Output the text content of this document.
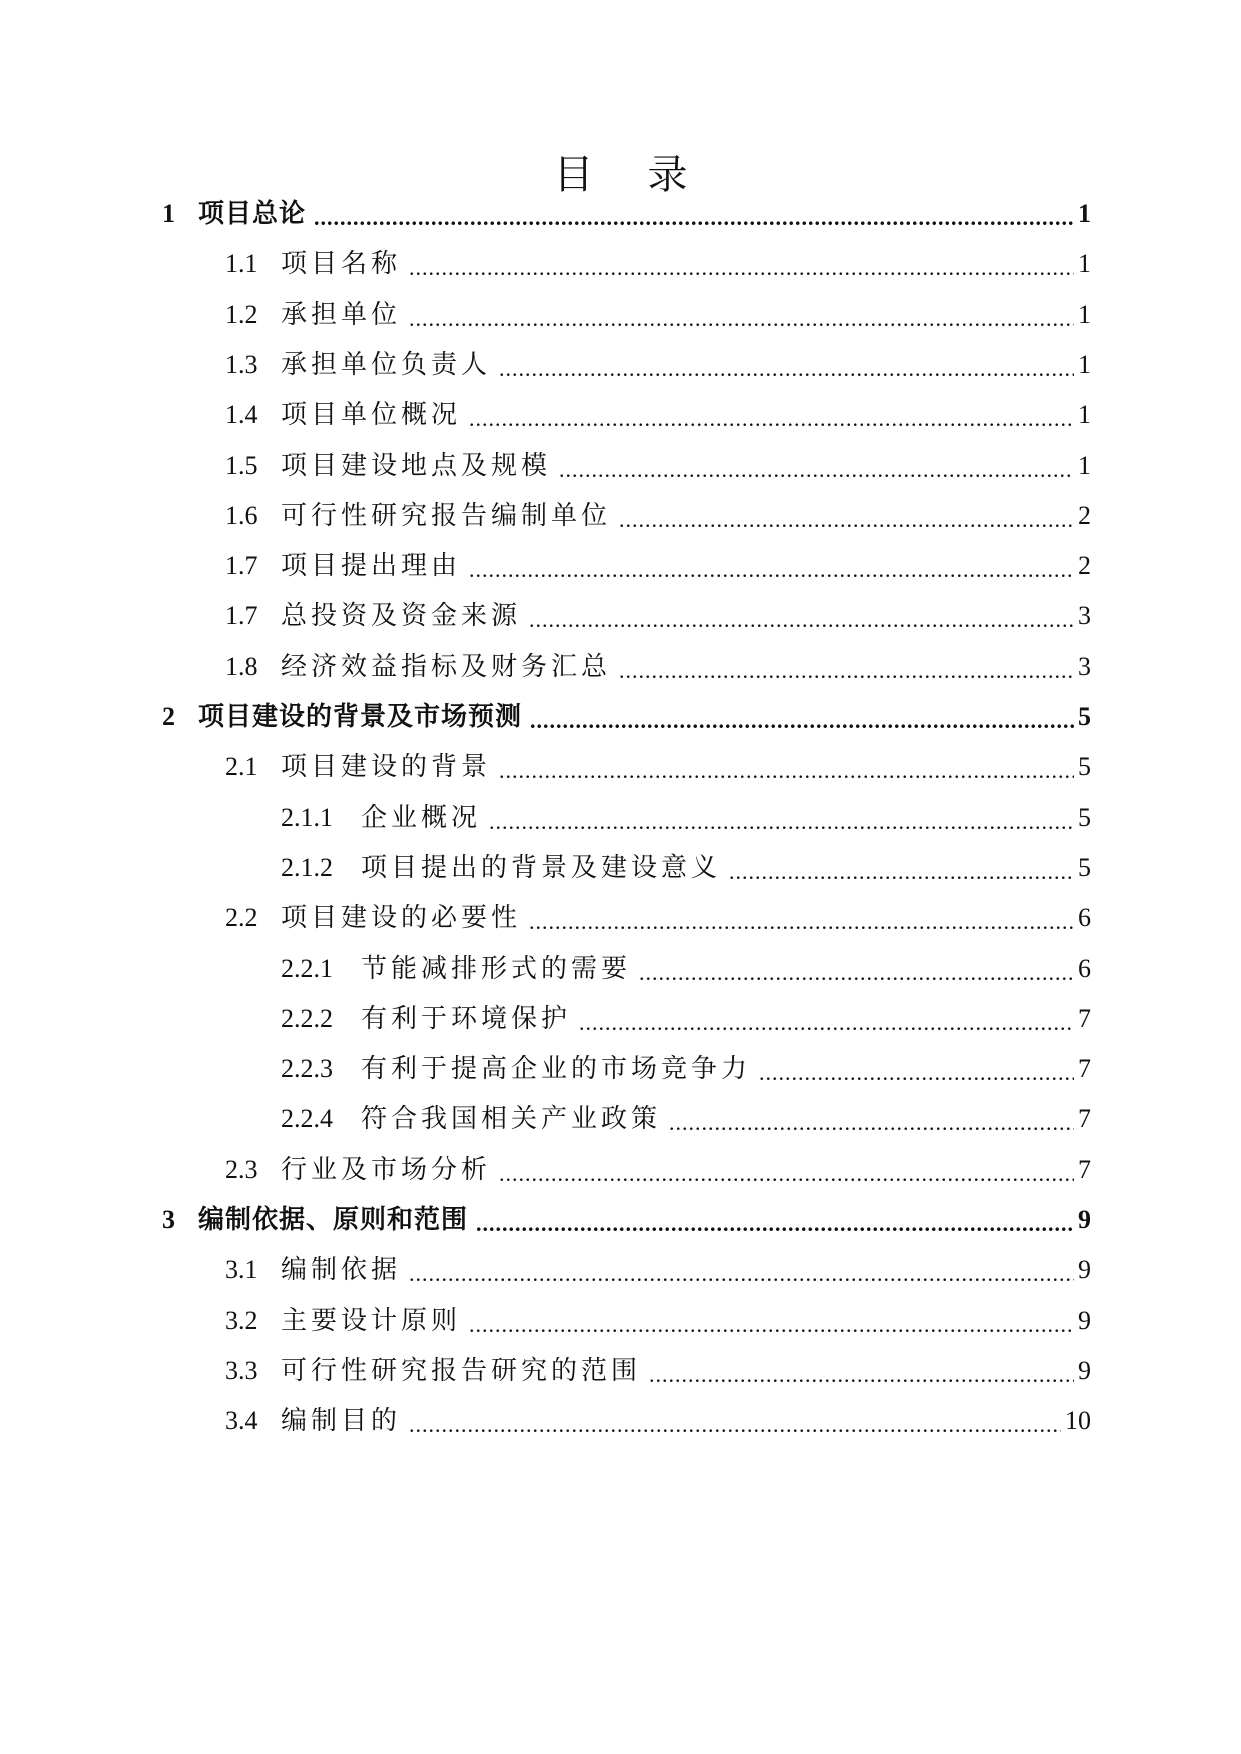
目 录
1 项目总论 .....	1
1.1 项目名称 .....	1
1.2 承担单位 .....	1
1.3 承担单位负责人 .....	1
1.4 项目单位概况 .....	1
1.5 项目建设地点及规模 .....	1
1.6 可行性研究报告编制单位 .....	2
1.7 项目提出理由 .....	2
1.7 总投资及资金来源 .....	3
1.8 经济效益指标及财务汇总 .....	3
2 项目建设的背景及市场预测 .....	5
2.1 项目建设的背景 .....	5
2.1.1	企业概况 .....	5
2.1.2	项目提出的背景及建设意义 .....	5
2.2 项目建设的必要性 .....	6
2.2.1	节能减排形式的需要 .....	6
2.2.2	有利于环境保护 .....	7
2.2.3	有利于提高企业的市场竞争力 .....	7
2.2.4	符合我国相关产业政策 .....	7
2.3 行业及市场分析 .....	7
3 编制依据、原则和范围 .....	9
3.1 编制依据 .....	9
3.2 主要设计原则 .....	9
3.3 可行性研究报告研究的范围 .....	9
3.4 编制目的 .....	10
